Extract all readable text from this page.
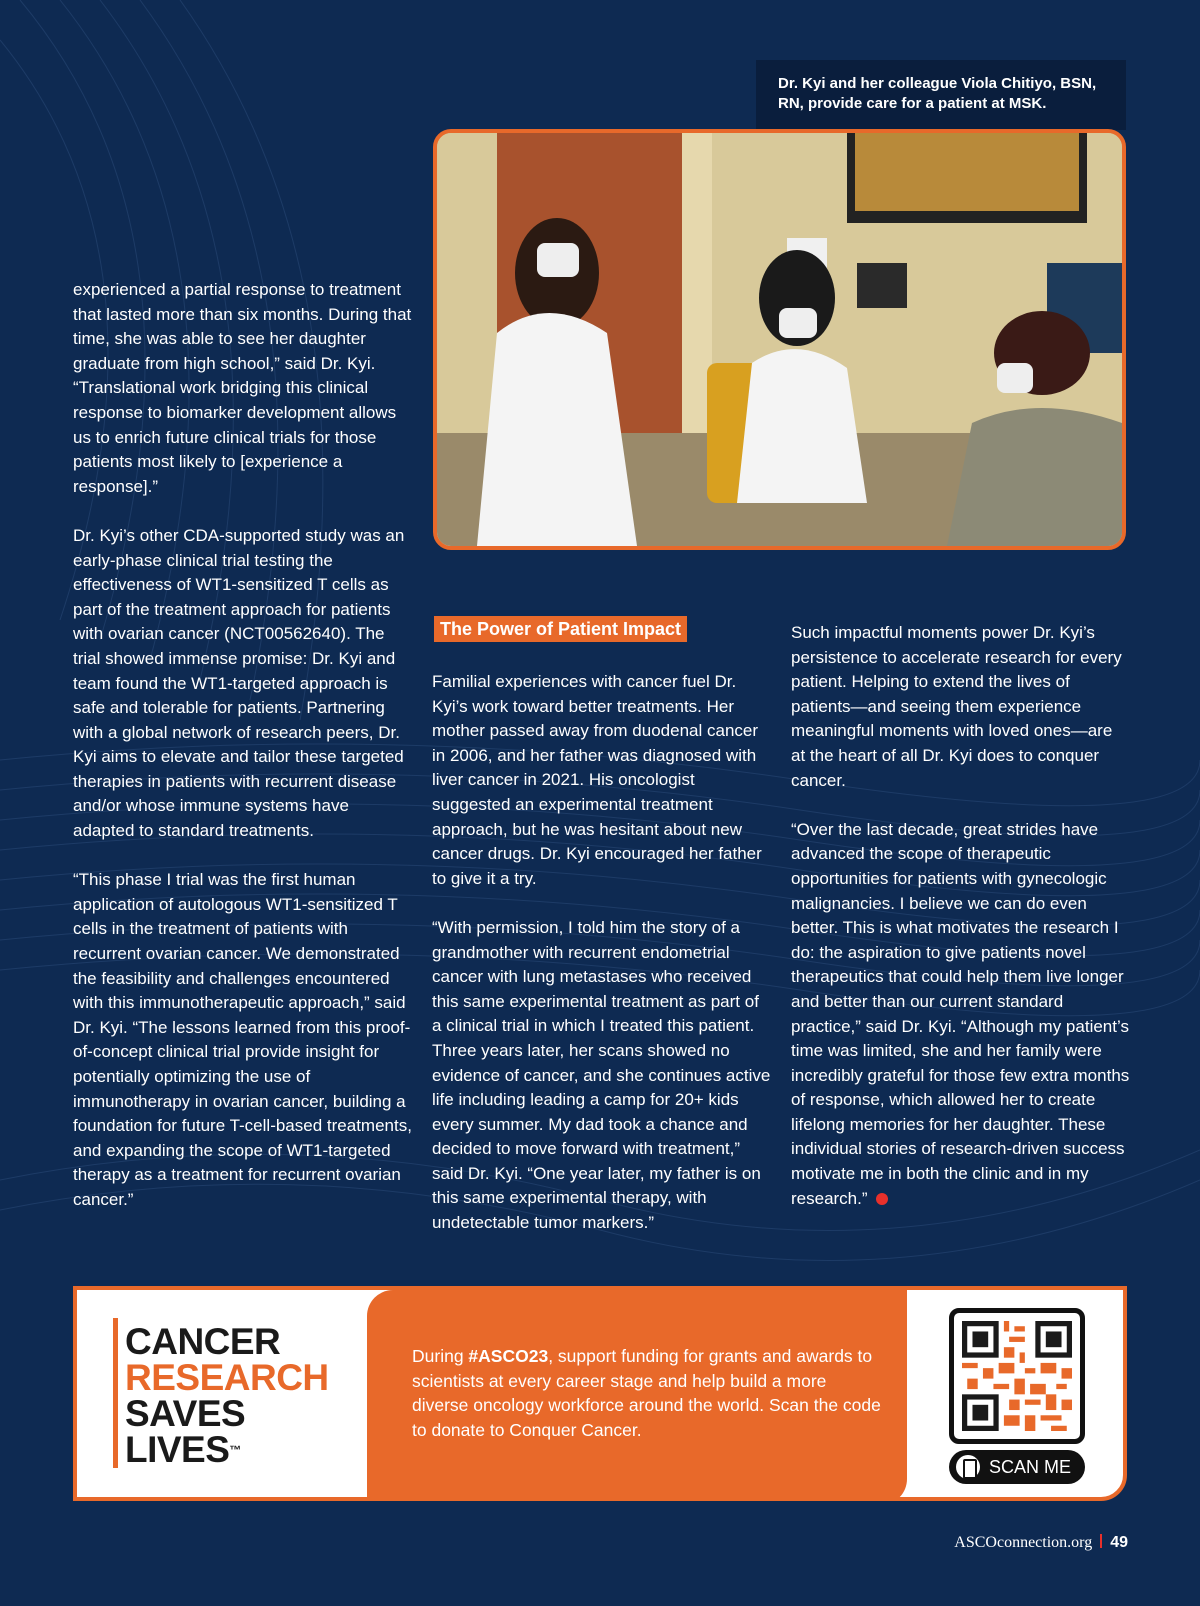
Dr. Kyi and her colleague Viola Chitiyo, BSN, RN, provide care for a patient at MSK.
The Power of Patient Impact

experienced a partial response to treatment that lasted more than six months. During that time, she was able to see her daughter graduate from high school,” said Dr. Kyi. “Translational work bridging this clinical response to biomarker development allows us to enrich future clinical trials for those patients most likely to [experience a response].”

Dr. Kyi’s other CDA-supported study was an early-phase clinical trial testing the effectiveness of WT1-sensitized T cells as part of the treatment approach for patients with ovarian cancer (NCT00562640). The trial showed immense promise: Dr. Kyi and team found the WT1-targeted approach is safe and tolerable for patients. Partnering with a global network of research peers, Dr. Kyi aims to elevate and tailor these targeted therapies in patients with recurrent disease and/or whose immune systems have adapted to standard treatments.

“This phase I trial was the first human application of autologous WT1-sensitized T cells in the treatment of patients with recurrent ovarian cancer. We demonstrated the feasibility and challenges encountered with this immunotherapeutic approach,” said Dr. Kyi. “The lessons learned from this proof-of-concept clinical trial provide insight for potentially optimizing the use of immunotherapy in ovarian cancer, building a foundation for future T-cell-based treatments, and expanding the scope of WT1-targeted therapy as a treatment for recurrent ovarian cancer.”

Familial experiences with cancer fuel Dr. Kyi’s work toward better treatments. Her mother passed away from duodenal cancer in 2006, and her father was diagnosed with liver cancer in 2021. His oncologist suggested an experimental treatment approach, but he was hesitant about new cancer drugs. Dr. Kyi encouraged her father to give it a try.

“With permission, I told him the story of a grandmother with recurrent endometrial cancer with lung metastases who received this same experimental treatment as part of a clinical trial in which I treated this patient. Three years later, her scans showed no evidence of cancer, and she continues active life including leading a camp for 20+ kids every summer. My dad took a chance and decided to move forward with treatment,” said Dr. Kyi. “One year later, my father is on this same experimental therapy, with undetectable tumor markers.”

Such impactful moments power Dr. Kyi’s persistence to accelerate research for every patient. Helping to extend the lives of patients—and seeing them experience meaningful moments with loved ones—are at the heart of all Dr. Kyi does to conquer cancer.

“Over the last decade, great strides have advanced the scope of therapeutic opportunities for patients with gynecologic malignancies. I believe we can do even better. This is what motivates the research I do: the aspiration to give patients novel therapeutics that could help them live longer and better than our current standard practice,” said Dr. Kyi. “Although my patient’s time was limited, she and her family were incredibly grateful for those few extra months of response, which allowed her to create lifelong memories for her daughter. These individual stories of research-driven success motivate me in both the clinic and in my research.”

CANCER
RESEARCH
SAVES
LIVES™
During #ASCO23, support funding for grants and awards to scientists at every career stage and help build a more diverse oncology workforce around the world. Scan the code to donate to Conquer Cancer.
SCAN ME
ASCOconnection.org 49
